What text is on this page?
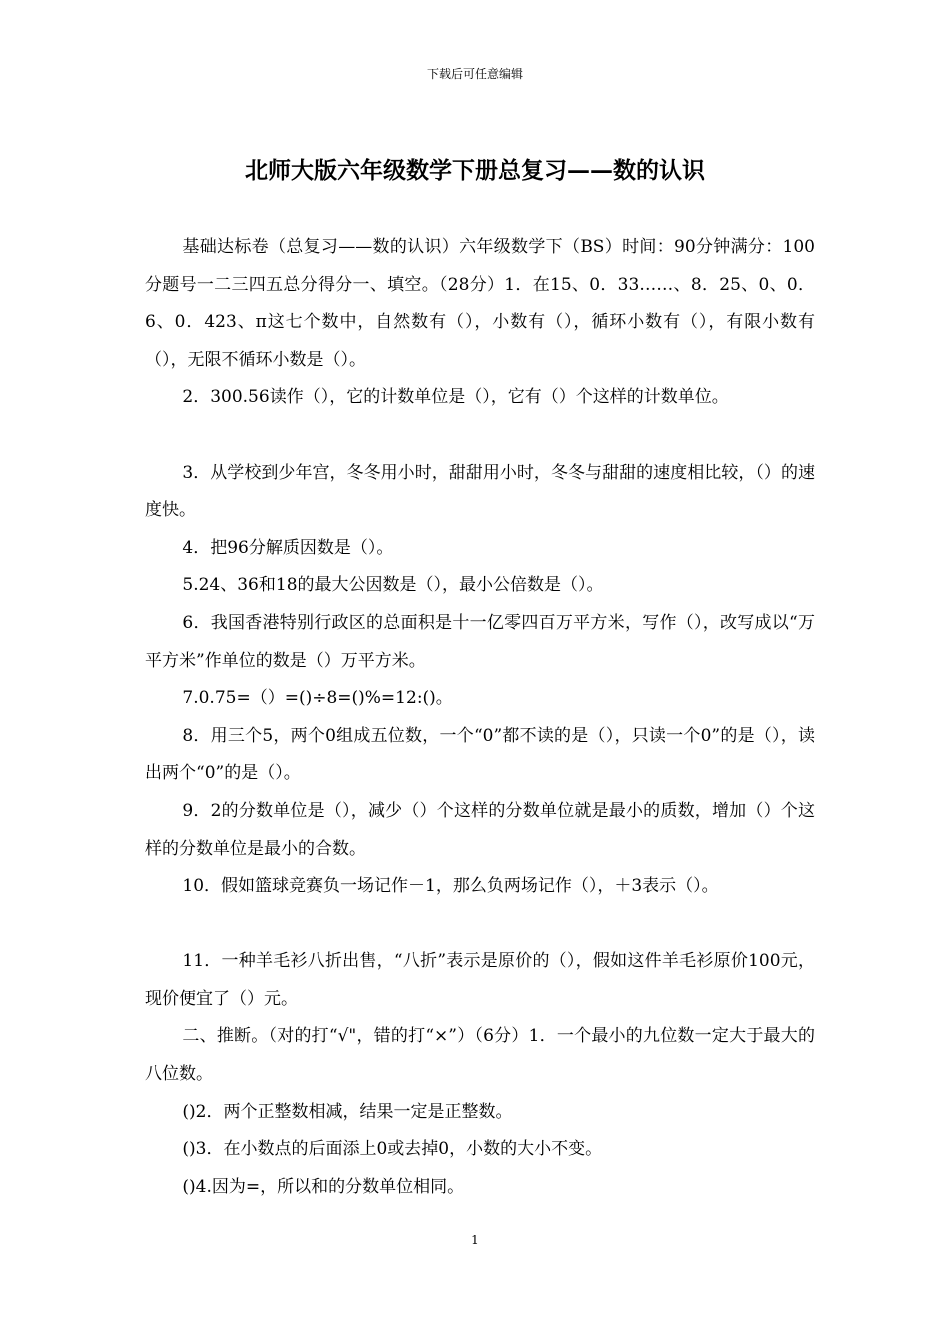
下载后可任意编辑
北师大版六年级数学下册总复习——数的认识

基础达标卷（总复习——数的认识）六年级数学下（BS）时间：90分钟满分：100分题号一二三四五总分得分一、填空。（28分）1．在15、0．33……、8．25、0、0．6、0．423、π这七个数中，自然数有（），小数有（），循环小数有（），有限小数有（），无限不循环小数是（）。

2．300.56读作（），它的计数单位是（），它有（）个这样的计数单位。

3．从学校到少年宫，冬冬用小时，甜甜用小时，冬冬与甜甜的速度相比较，（）的速度快。

4．把96分解质因数是（）。

5.24、36和18的最大公因数是（），最小公倍数是（）。

6．我国香港特别行政区的总面积是十一亿零四百万平方米，写作（），改写成以“万平方米”作单位的数是（）万平方米。

7.0.75=（）=()÷8=()%=12:()。

8．用三个5，两个0组成五位数，一个“0”都不读的是（），只读一个0”的是（），读出两个“0”的是（）。

9．2的分数单位是（），减少（）个这样的分数单位就是最小的质数，增加（）个这样的分数单位是最小的合数。

10．假如篮球竞赛负一场记作－1，那么负两场记作（），＋3表示（）。

11．一种羊毛衫八折出售，“八折”表示是原价的（），假如这件羊毛衫原价100元，现价便宜了（）元。

二、推断。（对的打“√"，错的打“×”）（6分）1．一个最小的九位数一定大于最大的八位数。

()2．两个正整数相减，结果一定是正整数。

()3．在小数点的后面添上0或去掉0，小数的大小不变。

()4.因为=，所以和的分数单位相同。

1
